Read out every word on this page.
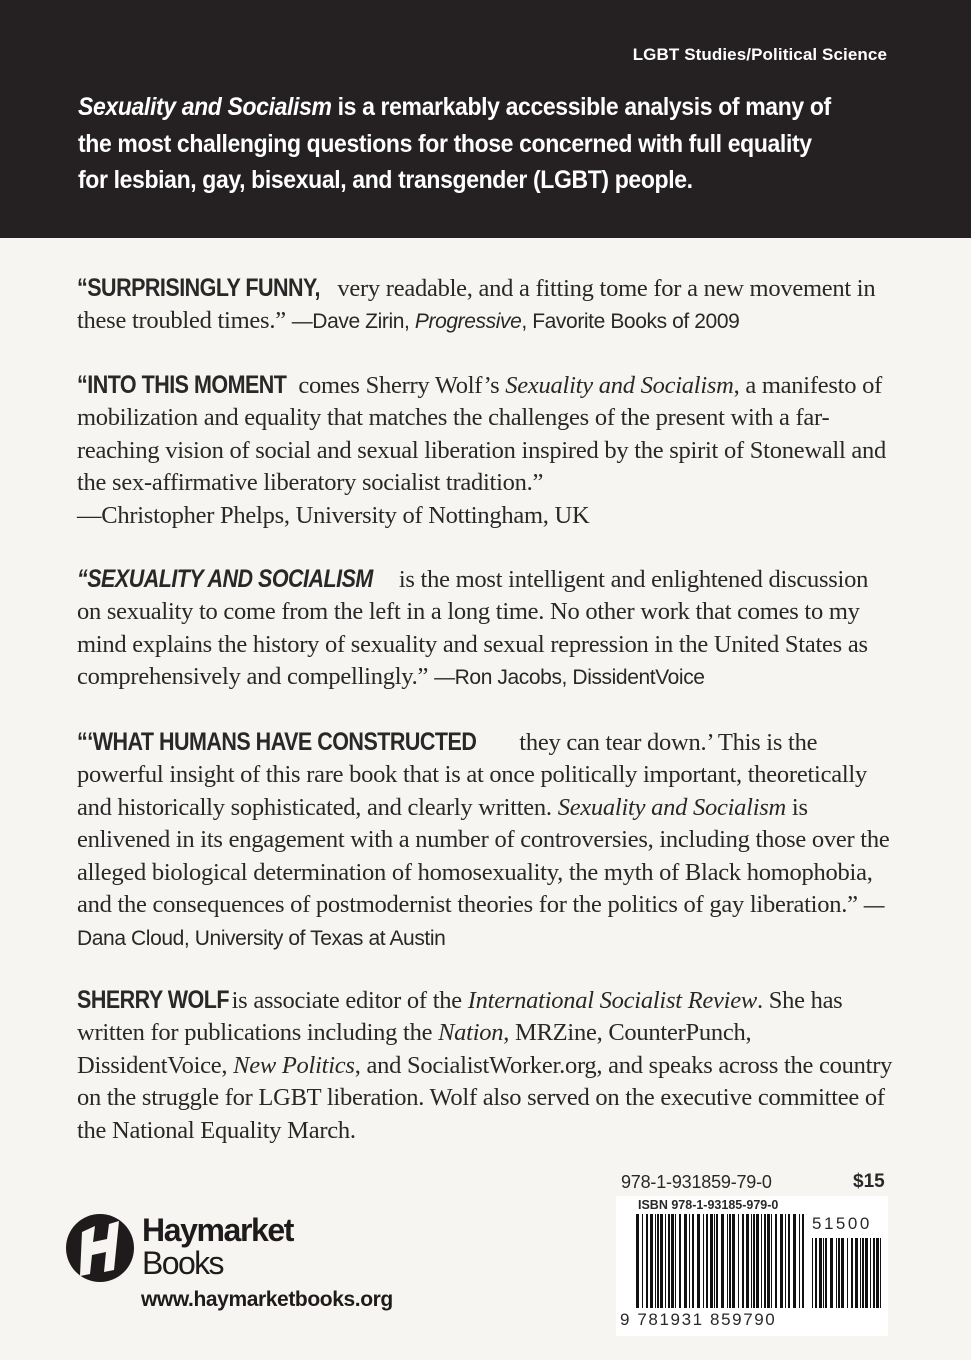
LGBT Studies/Political Science
Sexuality and Socialism is a remarkably accessible analysis of many of the most challenging questions for those concerned with full equality for lesbian, gay, bisexual, and transgender (LGBT) people.
“SURPRISINGLY FUNNY, very readable, and a fitting tome for a new movement in these troubled times.” —Dave Zirin, Progressive, Favorite Books of 2009
“INTO THIS MOMENT comes Sherry Wolf’s Sexuality and Socialism, a manifesto of mobilization and equality that matches the challenges of the present with a far-reaching vision of social and sexual liberation inspired by the spirit of Stonewall and the sex-affirmative liberatory socialist tradition.”
—Christopher Phelps, University of Nottingham, UK
“SEXUALITY AND SOCIALISM is the most intelligent and enlightened discussion on sexuality to come from the left in a long time. No other work that comes to my mind explains the history of sexuality and sexual repression in the United States as comprehensively and compellingly.” —Ron Jacobs, DissidentVoice
“‘WHAT HUMANS HAVE CONSTRUCTED they can tear down.’ This is the powerful insight of this rare book that is at once politically important, theoretically and historically sophisticated, and clearly written. Sexuality and Socialism is enlivened in its engagement with a number of controversies, including those over the alleged biological determination of homosexuality, the myth of Black homophobia, and the consequences of postmodernist theories for the politics of gay liberation.” —Dana Cloud, University of Texas at Austin
SHERRY WOLF is associate editor of the International Socialist Review. She has written for publications including the Nation, MRZine, CounterPunch, DissidentVoice, New Politics, and SocialistWorker.org, and speaks across the country on the struggle for LGBT liberation. Wolf also served on the executive committee of the National Equality March.
Haymarket
Books
www.haymarketbooks.org
978-1-931859-79-0	$15
ISBN 978-1-93185-979-0
51500
9 781931 859790
